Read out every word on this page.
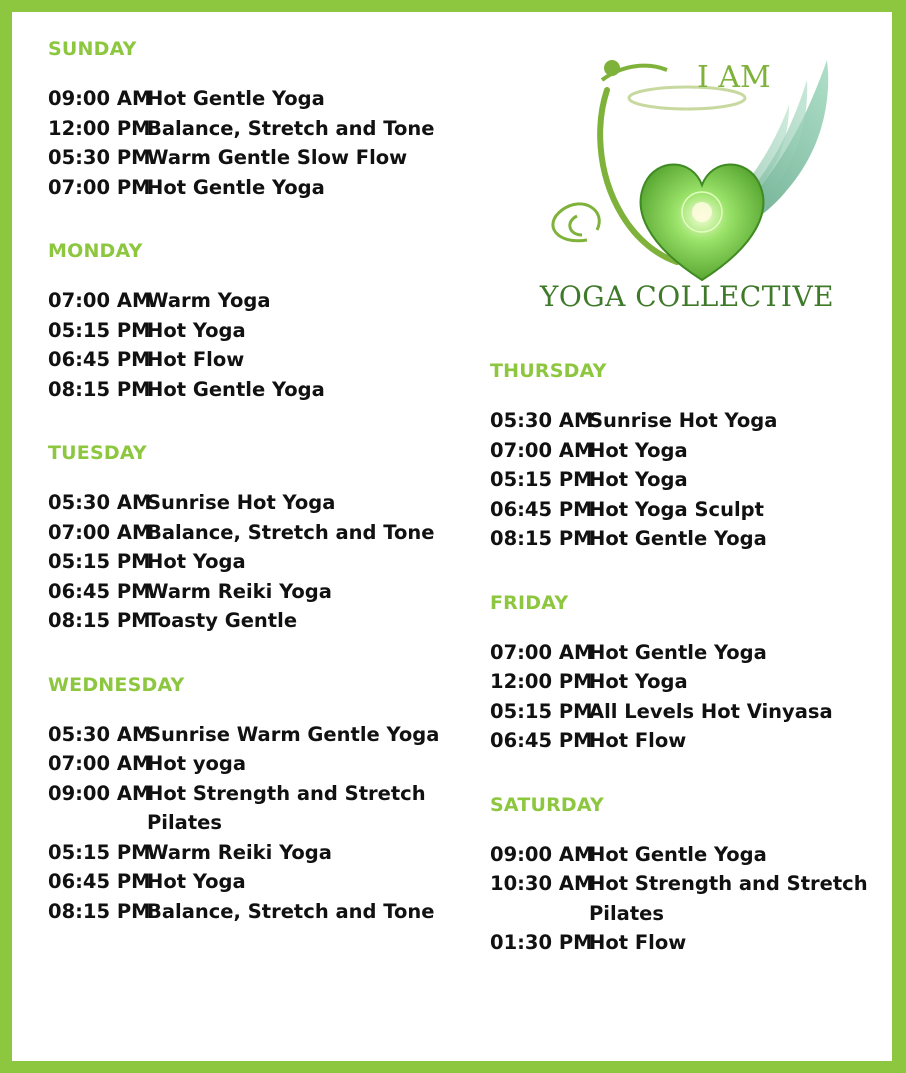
SUNDAY
09:00 AM
Hot Gentle Yoga
12:00 PM
Balance, Stretch and Tone
05:30 PM
Warm Gentle Slow Flow
07:00 PM
Hot Gentle Yoga
MONDAY
07:00 AM
Warm Yoga
05:15 PM
Hot Yoga
06:45 PM
Hot Flow
08:15 PM
Hot Gentle Yoga
TUESDAY
05:30 AM
Sunrise Hot Yoga
07:00 AM
Balance, Stretch and Tone
05:15 PM
Hot Yoga
06:45 PM
Warm Reiki Yoga
08:15 PM
Toasty Gentle
WEDNESDAY
05:30 AM
Sunrise Warm Gentle Yoga
07:00 AM
Hot yoga
09:00 AM
Hot Strength and Stretch Pilates
05:15 PM
Warm Reiki Yoga
06:45 PM
Hot Yoga
08:15 PM
Balance, Stretch and Tone
THURSDAY
05:30 AM
Sunrise Hot Yoga
07:00 AM
Hot Yoga
05:15 PM
Hot Yoga
06:45 PM
Hot Yoga Sculpt
08:15 PM
Hot Gentle Yoga
FRIDAY
07:00 AM
Hot Gentle Yoga
12:00 PM
Hot Yoga
05:15 PM
All Levels Hot Vinyasa
06:45 PM
Hot Flow
SATURDAY
09:00 AM
Hot Gentle Yoga
10:30 AM
Hot Strength and Stretch Pilates
01:30 PM
Hot Flow
I AM
YOGA COLLECTIVE
